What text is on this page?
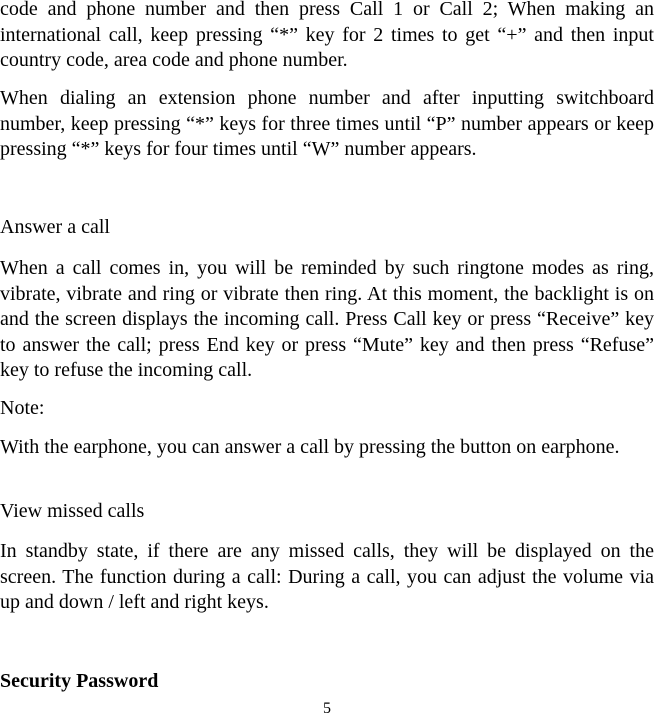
code and phone number and then press Call 1 or Call 2; When making an international call, keep pressing “*” key for 2 times to get “+” and then input country code, area code and phone number.

When dialing an extension phone number and after inputting switchboard number, keep pressing “*” keys for three times until “P” number appears or keep pressing “*” keys for four times until “W” number appears.

Answer a call

When a call comes in, you will be reminded by such ringtone modes as ring, vibrate, vibrate and ring or vibrate then ring. At this moment, the backlight is on and the screen displays the incoming call. Press Call key or press “Receive” key to answer the call; press End key or press “Mute” key and then press “Refuse” key to refuse the incoming call.

Note:

With the earphone, you can answer a call by pressing the button on earphone.

View missed calls

In standby state, if there are any missed calls, they will be displayed on the screen. The function during a call: During a call, you can adjust the volume via up and down / left and right keys.

Security Password

5
